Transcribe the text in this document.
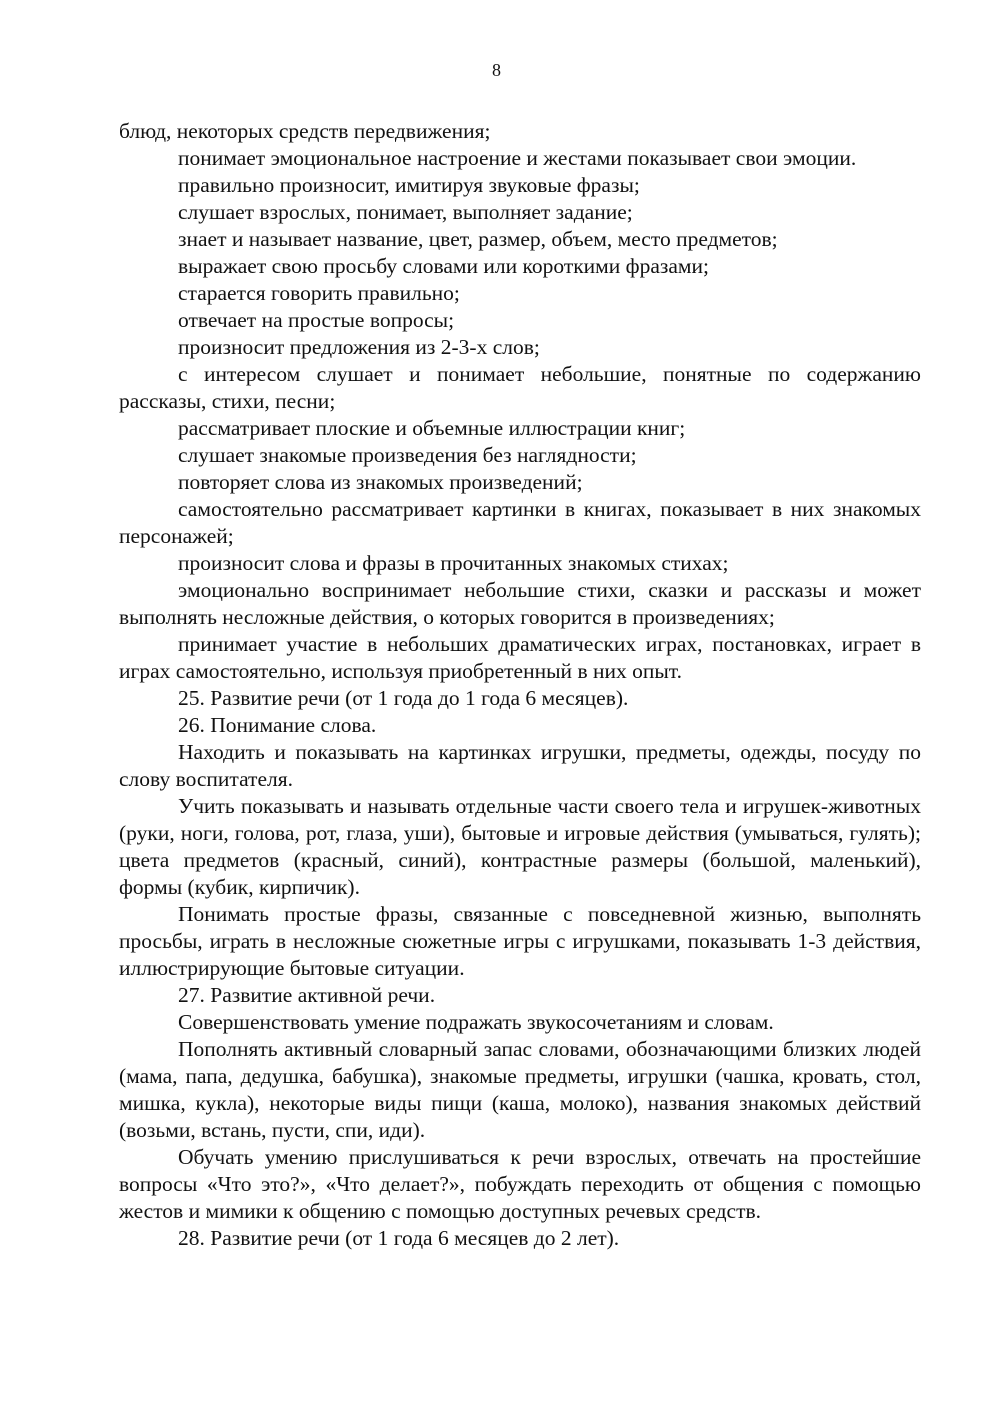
8

блюд, некоторых средств передвижения;

понимает эмоциональное настроение и жестами показывает свои эмоции.

правильно произносит, имитируя звуковые фразы;

слушает взрослых, понимает, выполняет задание;

знает и называет название, цвет, размер, объем, место предметов;

выражает свою просьбу словами или короткими фразами;

старается говорить правильно;

отвечает на простые вопросы;

произносит предложения из 2-3-х слов;

с интересом слушает и понимает небольшие, понятные по содержанию рассказы, стихи, песни;

рассматривает плоские и объемные иллюстрации книг;

слушает знакомые произведения без наглядности;

повторяет слова из знакомых произведений;

самостоятельно рассматривает картинки в книгах, показывает в них знакомых персонажей;

произносит слова и фразы в прочитанных знакомых стихах;

эмоционально воспринимает небольшие стихи, сказки и рассказы и может выполнять несложные действия, о которых говорится в произведениях;

принимает участие в небольших драматических играх, постановках, играет в играх самостоятельно, используя приобретенный в них опыт.

25. Развитие речи (от 1 года до 1 года 6 месяцев).

26. Понимание слова.

Находить и показывать на картинках игрушки, предметы, одежды, посуду по слову воспитателя.

Учить показывать и называть отдельные части своего тела и игрушек-животных (руки, ноги, голова, рот, глаза, уши), бытовые и игровые действия (умываться, гулять); цвета предметов (красный, синий), контрастные размеры (большой, маленький), формы (кубик, кирпичик).

Понимать простые фразы, связанные с повседневной жизнью, выполнять просьбы, играть в несложные сюжетные игры с игрушками, показывать 1-3 действия, иллюстрирующие бытовые ситуации.

27. Развитие активной речи.

Совершенствовать умение подражать звукосочетаниям и словам.

Пополнять активный словарный запас словами, обозначающими близких людей (мама, папа, дедушка, бабушка), знакомые предметы, игрушки (чашка, кровать, стол, мишка, кукла), некоторые виды пищи (каша, молоко), названия знакомых действий (возьми, встань, пусти, спи, иди).

Обучать умению прислушиваться к речи взрослых, отвечать на простейшие вопросы «Что это?», «Что делает?», побуждать переходить от общения с помощью жестов и мимики к общению с помощью доступных речевых средств.

28. Развитие речи (от 1 года 6 месяцев до 2 лет).
